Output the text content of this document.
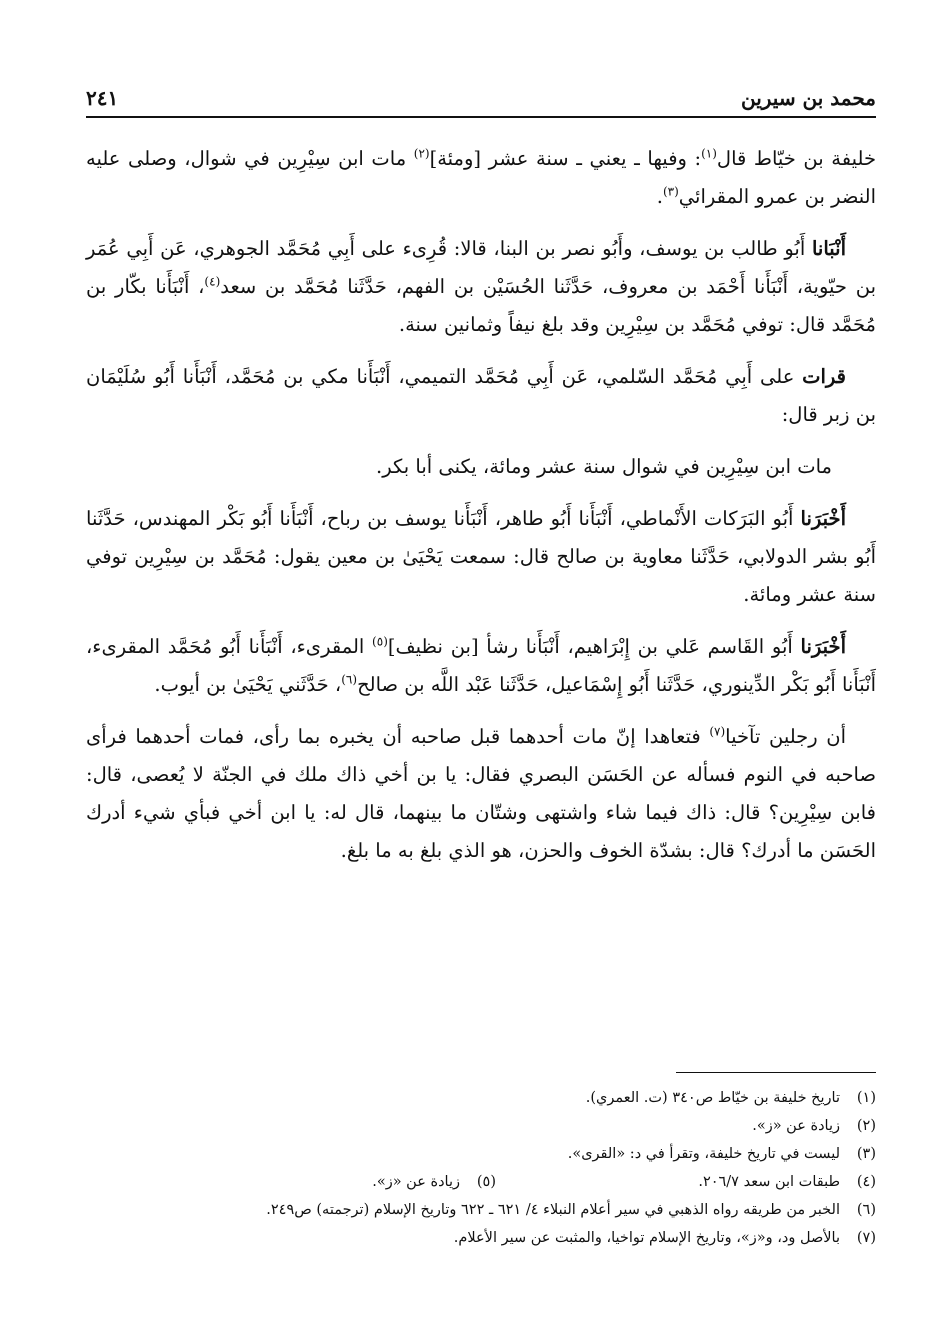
محمد بن سيرين
٢٤١

خليفة بن خيّاط قال$^{(١)}$: وفيها ـ يعني ـ سنة عشر [ومئة]$^{(٢)}$ مات ابن سِيْرِين في شوال، وصلى عليه النضر بن عمرو المقرائي$^{(٣)}$.

أَنْبَانا أَبُو طالب بن يوسف، وأَبُو نصر بن البنا، قالا: قُرِىء على أَبِي مُحَمَّد الجوهري، عَن أَبِي عُمَر بن حيّوية، أَنْبَأَنا أَحْمَد بن معروف، حَدَّثَنا الحُسَيْن بن الفهم، حَدَّثَنا مُحَمَّد بن سعد$^{(٤)}$، أَنْبَأَنا بكّار بن مُحَمَّد قال: توفي مُحَمَّد بن سِيْرِين وقد بلغ نيفاً وثمانين سنة.

قرات على أَبِي مُحَمَّد السّلمي، عَن أَبِي مُحَمَّد التميمي، أَنْبَأَنا مكي بن مُحَمَّد، أَنْبَأَنا أَبُو سُلَيْمَان بن زبر قال:

مات ابن سِيْرِين في شوال سنة عشر ومائة، يكنى أبا بكر.

أَخْبَرَنا أَبُو البَرَكات الأَنْماطي، أَنْبَأَنا أَبُو طاهر، أَنْبَأَنا يوسف بن رباح، أَنْبَأَنا أَبُو بَكْر المهندس، حَدَّثَنا أَبُو بشر الدولابي، حَدَّثَنا معاوية بن صالح قال: سمعت يَحْيَىٰ بن معين يقول: مُحَمَّد بن سِيْرِين توفي سنة عشر ومائة.

أَخْبَرَنا أَبُو القَاسم عَلي بن إِبْرَاهيم، أَنْبَأَنا رشأ [بن نظيف]$^{(٥)}$ المقرىء، أَنْبَأَنا أَبُو مُحَمَّد المقرىء، أَنْبَأَنا أَبُو بَكْر الدِّينوري، حَدَّثَنا أَبُو إِسْمَاعيل، حَدَّثَنا عَبْد اللَّه بن صالح$^{(٦)}$، حَدَّثَني يَحْيَىٰ بن أيوب.

أن رجلين تآخيا$^{(٧)}$ فتعاهدا إنّ مات أحدهما قبل صاحبه أن يخبره بما رأى، فمات أحدهما فرأى صاحبه في النوم فسأله عن الحَسَن البصري فقال: يا بن أخي ذاك ملك في الجنّة لا يُعصى، قال: فابن سِيْرِين؟ قال: ذاك فيما شاء واشتهى وشتّان ما بينهما، قال له: يا ابن أخي فبأي شيء أدرك الحَسَن ما أدرك؟ قال: بشدّة الخوف والحزن، هو الذي بلغ به ما بلغ.

(١)
تاريخ خليفة بن خيّاط ص٣٤٠ (ت. العمري).
(٢)
زيادة عن «ز».
(٣)
ليست في تاريخ خليفة، وتقرأ في د: «القرى».
(٤)
طبقات ابن سعد ٢٠٦/٧.
(٥)
زيادة عن «ز».
(٦)
الخبر من طريقه رواه الذهبي في سير أعلام النبلاء ٤/ ٦٢١ ـ ٦٢٢ وتاريخ الإسلام (ترجمته) ص٢٤٩.
(٧)
بالأصل ود، و«ز»، وتاريخ الإسلام تواخيا، والمثبت عن سير الأعلام.
